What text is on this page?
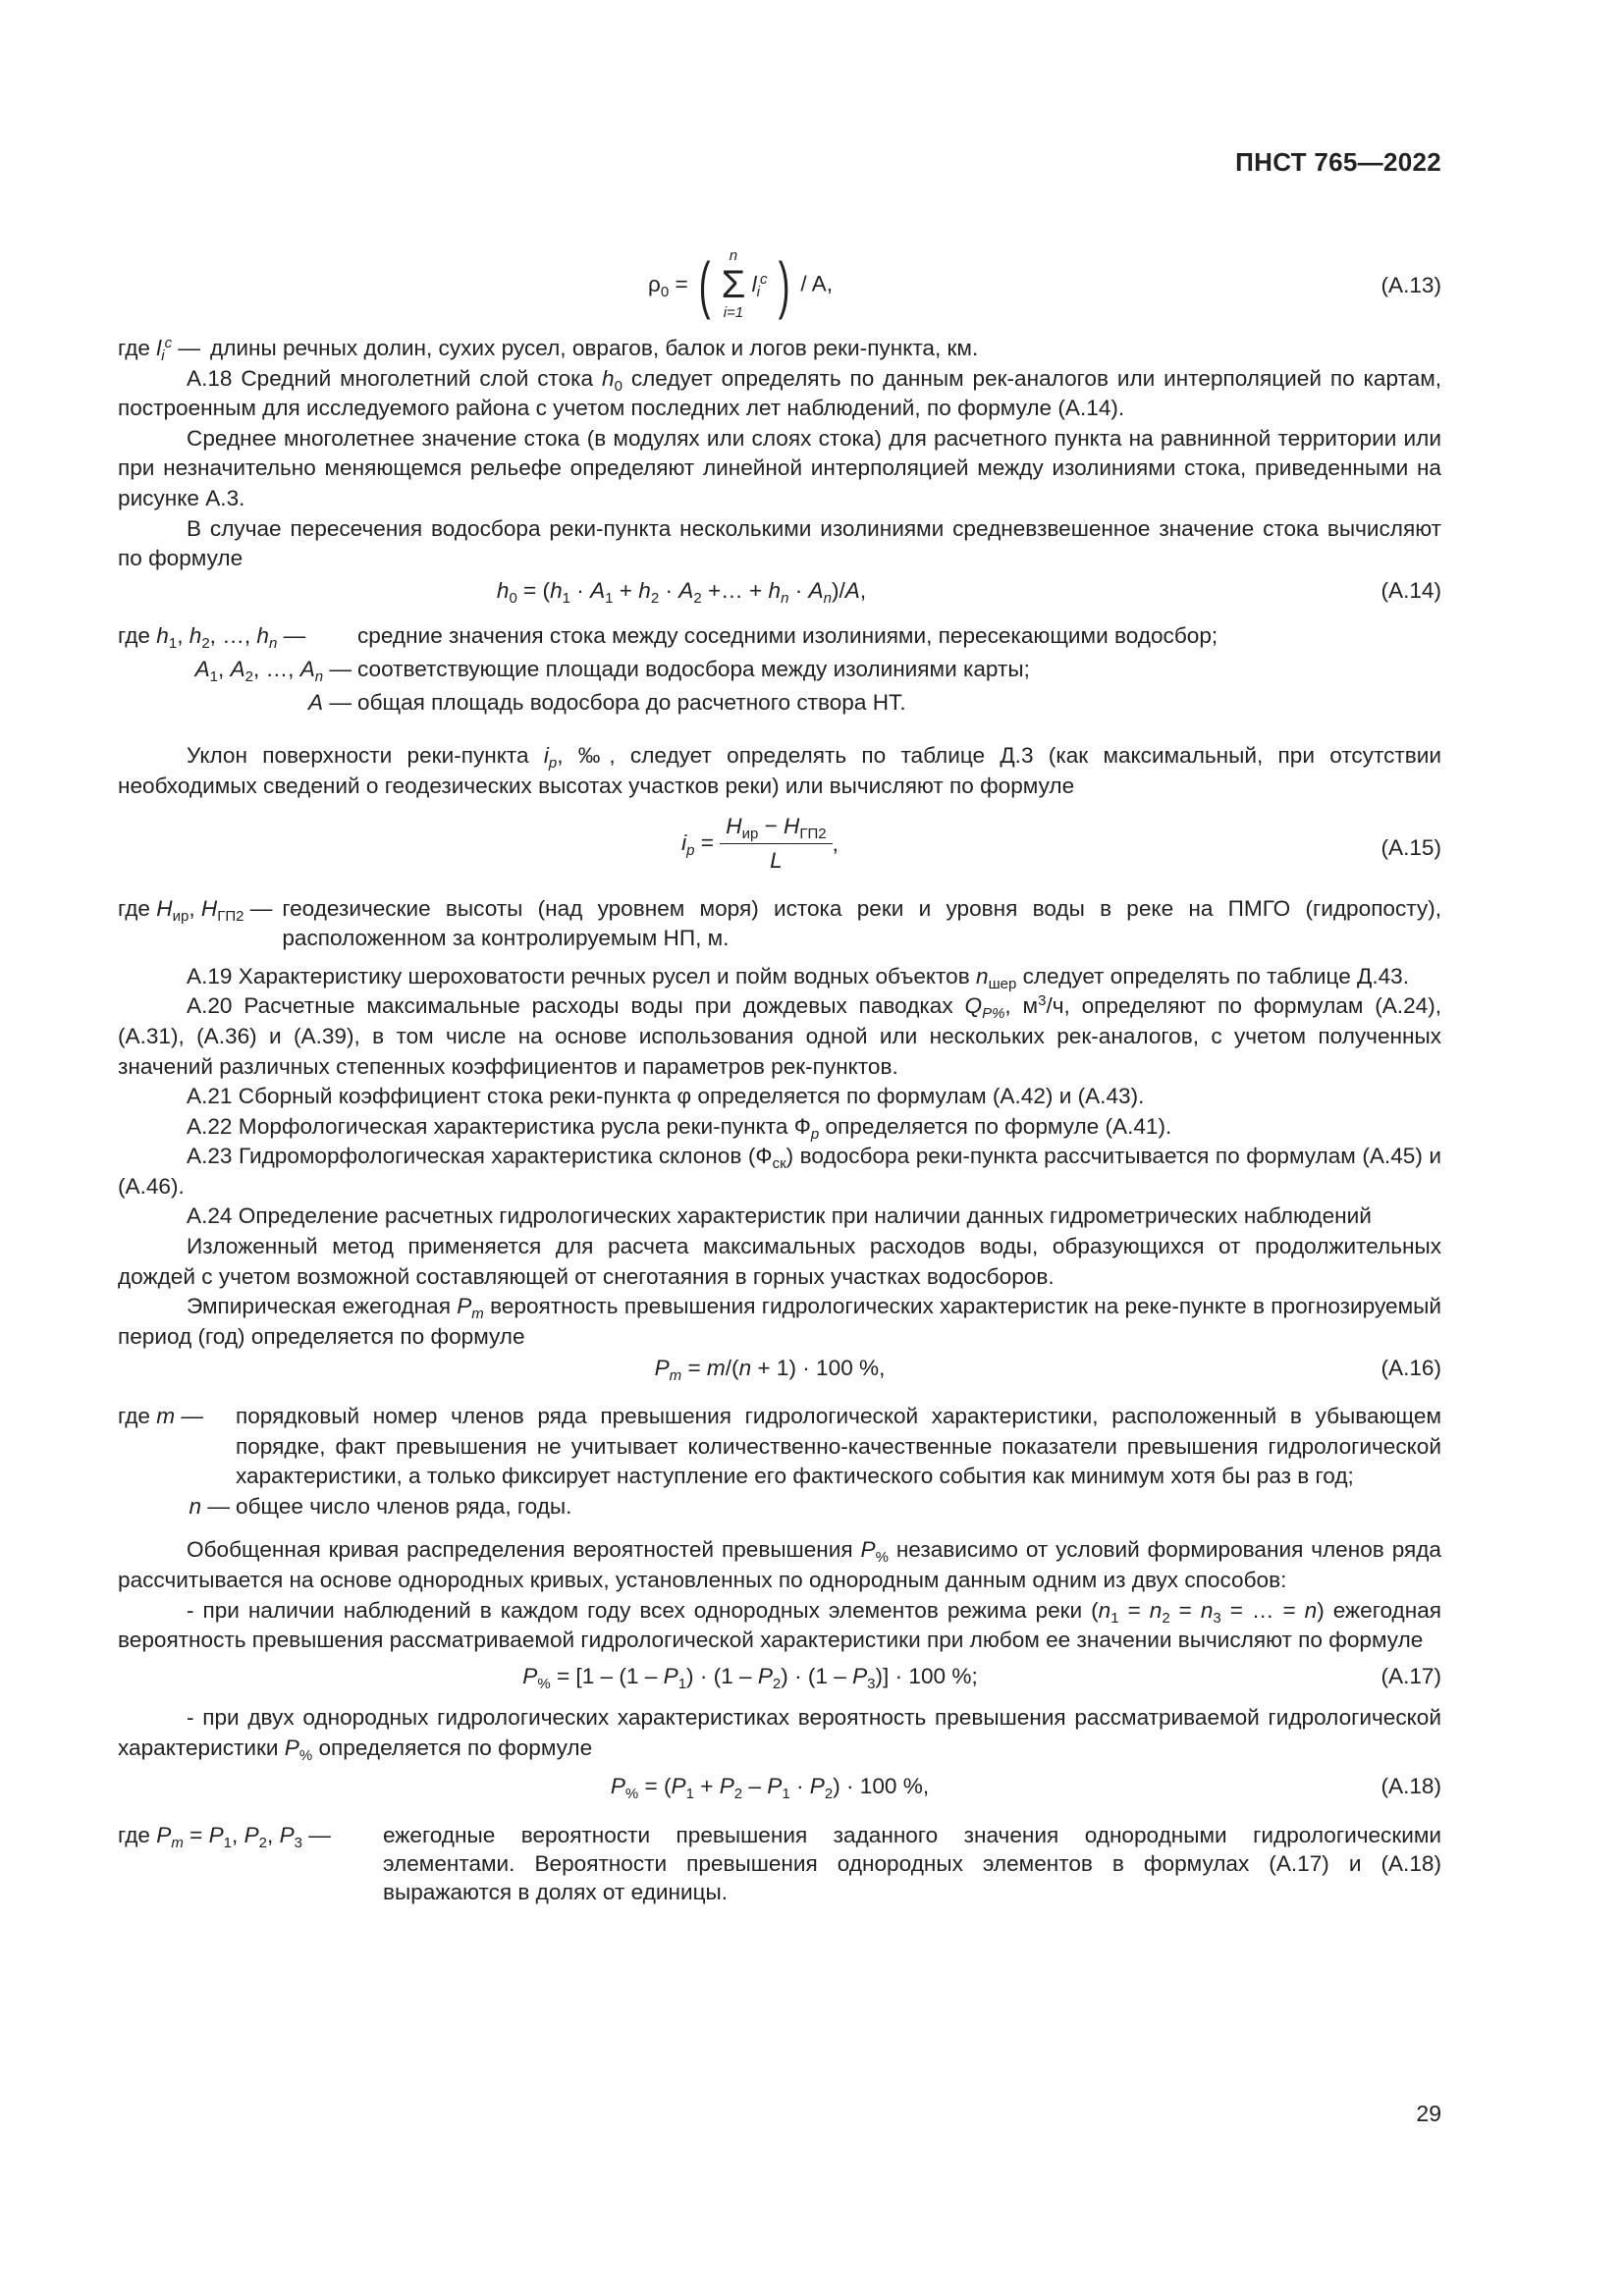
ПНСТ 765—2022
$\rho_0$ = (	n
Σ
i=1
$l_i^c$ ) / A,	(А.13)
где $l_i^c$ — длины речных долин, сухих русел, оврагов, балок и логов реки-пункта, км.

А.18 Средний многолетний слой стока $h_0$ следует определять по данным рек-аналогов или интерполяцией по картам, построенным для исследуемого района с учетом последних лет наблюдений, по формуле (А.14).

Среднее многолетнее значение стока (в модулях или слоях стока) для расчетного пункта на равнинной территории или при незначительно меняющемся рельефе определяют линейной интерполяцией между изолиниями стока, приведенными на рисунке А.3.

В случае пересечения водосбора реки-пункта несколькими изолиниями средневзвешенное значение стока вычисляют по формуле

$h_0 = (h_1 \cdot A_1 + h_2 \cdot A_2$ +… + $h_n \cdot A_n)/A$,	(А.14)
где $h_1$, $h_2$, …, $h_n$ —	средние значения стока между соседними изолиниями, пересекающими водосбор;
$A_1$, $A_2$, …, $A_n$ — соответствующие площади водосбора между изолиниями карты;
A — общая площадь водосбора до расчетного створа НТ.

Уклон поверхности реки-пункта $i_p$, ‰, следует определять по таблице Д.3 (как максимальный, при отсутствии необходимых сведений о геодезических высотах участков реки) или вычисляют по формуле

$i_p = \frac{H_{ир} - H_{ГП2}}{L}$ ,	(А.15)
где $H_{ир}$, $H_{ГП2}$ — геодезические высоты (над уровнем моря) истока реки и уровня воды в реке на ПМГО (гидропосту), расположенном за контролируемым НП, м.

А.19 Характеристику шероховатости речных русел и пойм водных объектов $n_{шер}$ следует определять по таблице Д.43.

А.20 Расчетные максимальные расходы воды при дождевых паводках $Q_{P\%}$, $м^3/ч$, определяют по формулам (А.24), (А.31), (А.36) и (А.39), в том числе на основе использования одной или нескольких рек-аналогов, с учетом полученных значений различных степенных коэффициентов и параметров рек-пунктов.

А.21 Сборный коэффициент стока реки-пункта φ определяется по формулам (А.42) и (А.43).

А.22 Морфологическая характеристика русла реки-пункта $Ф_р$ определяется по формуле (А.41).

А.23 Гидроморфологическая характеристика склонов $(Ф_{ск})$ водосбора реки-пункта рассчитывается по формулам (А.45) и (А.46).

А.24 Определение расчетных гидрологических характеристик при наличии данных гидрометрических наблюдений

Изложенный метод применяется для расчета максимальных расходов воды, образующихся от продолжительных дождей с учетом возможной составляющей от снеготаяния в горных участках водосборов.

Эмпирическая ежегодная $P_m$ вероятность превышения гидрологических характеристик на реке-пункте в прогнозируемый период (год) определяется по формуле

$P_m = m/(n + 1) \cdot 100$ %,	(А.16)
где m —	порядковый номер членов ряда превышения гидрологической характеристики, расположенный в убывающем порядке, факт превышения не учитывает количественно-качественные показатели превышения гидрологической характеристики, а только фиксирует наступление его фактического события как минимум хотя бы раз в год;
n — общее число членов ряда, годы.

Обобщенная кривая распределения вероятностей превышения $P_{\%}$ независимо от условий формирования членов ряда рассчитывается на основе однородных кривых, установленных по однородным данным одним из двух способов:

- при наличии наблюдений в каждом году всех однородных элементов режима реки ($n_1 = n_2 = n_3$ = … = n) ежегодная вероятность превышения рассматриваемой гидрологической характеристики при любом ее значении вычисляют по формуле

$P_{\%} = [1 - (1 - P_1) \cdot (1 - P_2) \cdot (1 - P_3)] \cdot 100$ %;	(А.17)

- при двух однородных гидрологических характеристиках вероятность превышения рассматриваемой гидрологической характеристики $P_{\%}$ определяется по формуле

$P_{\%} = (P_1 + P_2 - P_1 \cdot P_2) \cdot 100$ %,	(А.18)
где $P_m = P_1$, $P_2$, $P_3$ —	ежегодные вероятности превышения заданного значения однородными гидрологическими элементами. Вероятности превышения однородных элементов в формулах (А.17) и (А.18) выражаются в долях от единицы.
29
